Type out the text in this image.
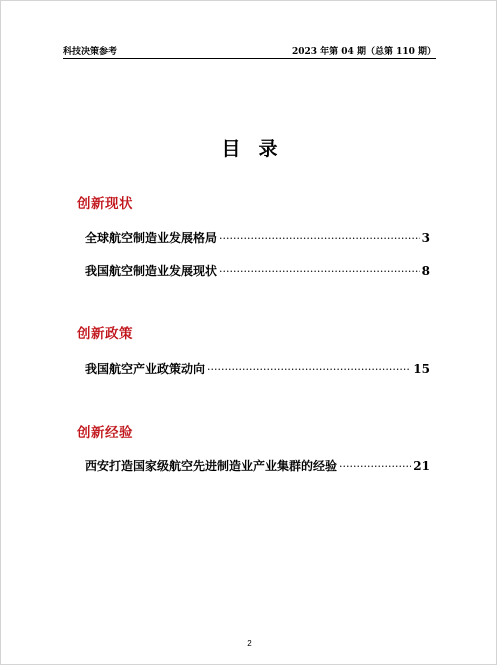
科技决策参考	2023 年第 04 期（总第 110 期）
目录
创新现状
全球航空制造业发展格局 ·····	3
我国航空制造业发展现状 ·····	8
创新政策
我国航空产业政策动向 ·····	15
创新经验
西安打造国家级航空先进制造业产业集群的经验 ·····	21
2
